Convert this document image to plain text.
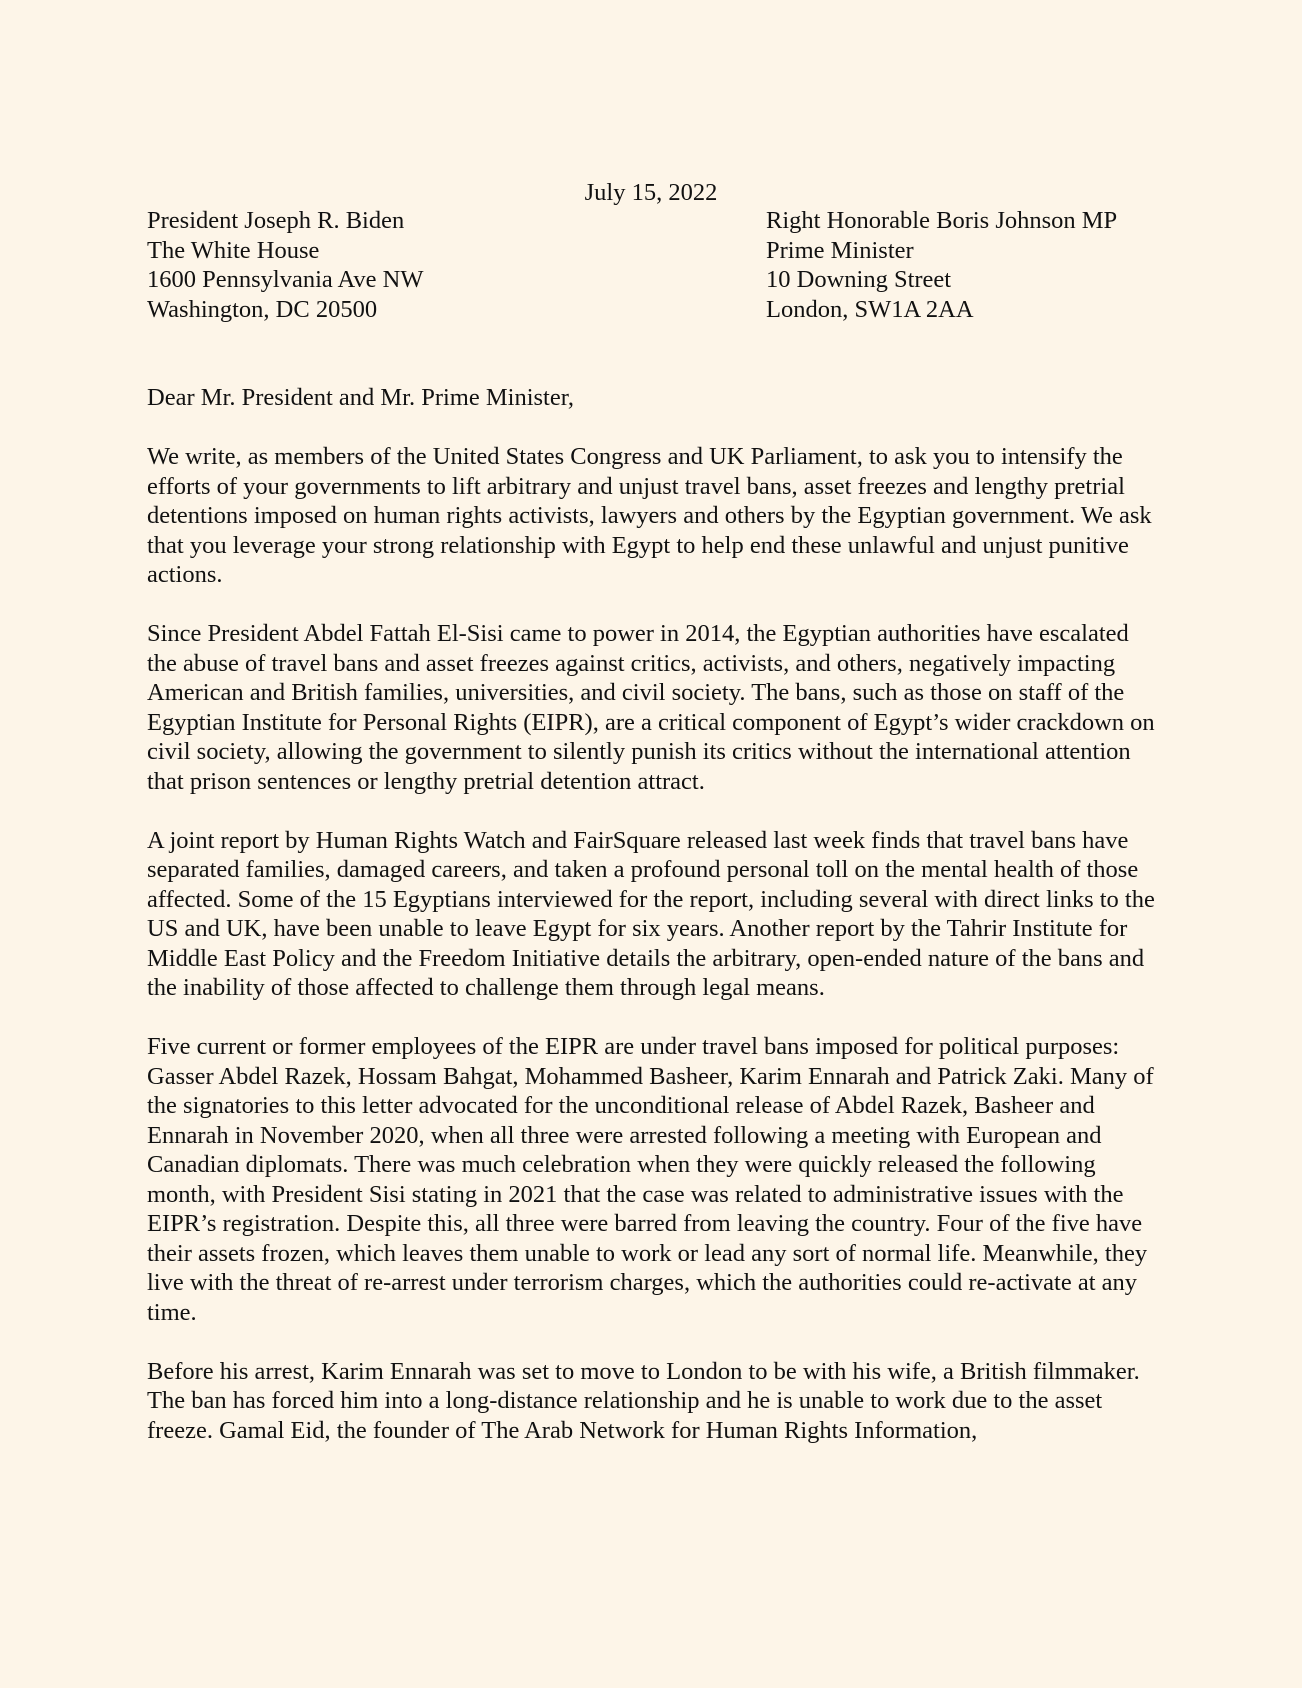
July 15, 2022
President Joseph R. Biden
The White House
1600 Pennsylvania Ave NW
Washington, DC 20500
Right Honorable Boris Johnson MP
Prime Minister
10 Downing Street
London, SW1A 2AA

Dear Mr. President and Mr. Prime Minister,

We write, as members of the United States Congress and UK Parliament, to ask you to intensify the efforts of your governments to lift arbitrary and unjust travel bans, asset freezes and lengthy pretrial detentions imposed on human rights activists, lawyers and others by the Egyptian government. We ask that you leverage your strong relationship with Egypt to help end these unlawful and unjust punitive actions.

Since President Abdel Fattah El-Sisi came to power in 2014, the Egyptian authorities have escalated the abuse of travel bans and asset freezes against critics, activists, and others, negatively impacting American and British families, universities, and civil society. The bans, such as those on staff of the Egyptian Institute for Personal Rights (EIPR), are a critical component of Egypt’s wider crackdown on civil society, allowing the government to silently punish its critics without the international attention that prison sentences or lengthy pretrial detention attract.

A joint report by Human Rights Watch and FairSquare released last week finds that travel bans have separated families, damaged careers, and taken a profound personal toll on the mental health of those affected. Some of the 15 Egyptians interviewed for the report, including several with direct links to the US and UK, have been unable to leave Egypt for six years. Another report by the Tahrir Institute for Middle East Policy and the Freedom Initiative details the arbitrary, open-ended nature of the bans and the inability of those affected to challenge them through legal means.

Five current or former employees of the EIPR are under travel bans imposed for political purposes: Gasser Abdel Razek, Hossam Bahgat, Mohammed Basheer, Karim Ennarah and Patrick Zaki. Many of the signatories to this letter advocated for the unconditional release of Abdel Razek, Basheer and Ennarah in November 2020, when all three were arrested following a meeting with European and Canadian diplomats. There was much celebration when they were quickly released the following month, with President Sisi stating in 2021 that the case was related to administrative issues with the EIPR’s registration. Despite this, all three were barred from leaving the country. Four of the five have their assets frozen, which leaves them unable to work or lead any sort of normal life. Meanwhile, they live with the threat of re-arrest under terrorism charges, which the authorities could re-activate at any time.

Before his arrest, Karim Ennarah was set to move to London to be with his wife, a British filmmaker. The ban has forced him into a long-distance relationship and he is unable to work due to the asset freeze. Gamal Eid, the founder of The Arab Network for Human Rights Information,
